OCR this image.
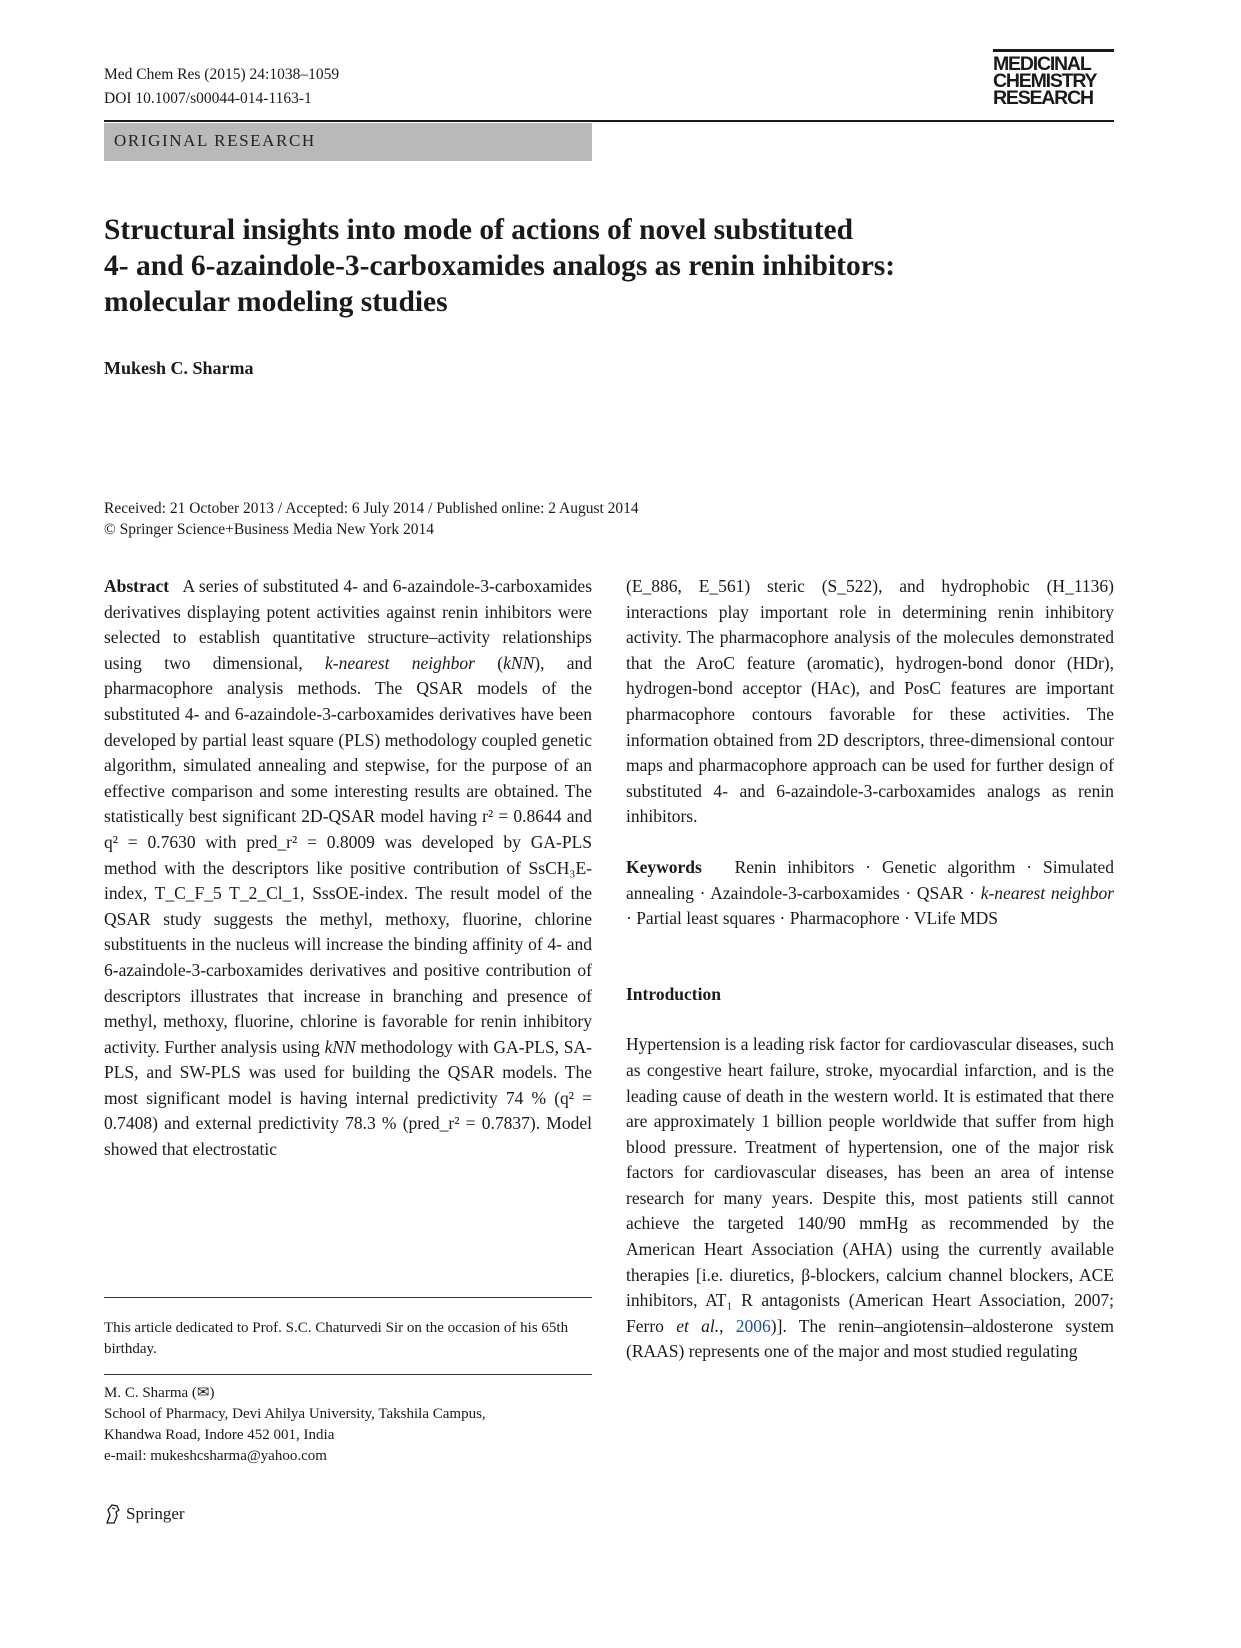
Med Chem Res (2015) 24:1038–1059
DOI 10.1007/s00044-014-1163-1
MEDICINAL
CHEMISTRY
RESEARCH
ORIGINAL RESEARCH
Structural insights into mode of actions of novel substituted
4- and 6-azaindole-3-carboxamides analogs as renin inhibitors:
molecular modeling studies
Mukesh C. Sharma
Received: 21 October 2013 / Accepted: 6 July 2014 / Published online: 2 August 2014
© Springer Science+Business Media New York 2014

Abstract A series of substituted 4- and 6-azaindole-3-carboxamides derivatives displaying potent activities against renin inhibitors were selected to establish quantitative structure–activity relationships using two dimensional, k-nearest neighbor (kNN), and pharmacophore analysis methods. The QSAR models of the substituted 4- and 6-azaindole-3-carboxamides derivatives have been developed by partial least square (PLS) methodology coupled genetic algorithm, simulated annealing and stepwise, for the purpose of an effective comparison and some interesting results are obtained. The statistically best significant 2D-QSAR model having r² = 0.8644 and q² = 0.7630 with pred_r² = 0.8009 was developed by GA-PLS method with the descriptors like positive contribution of SsCH₃E-index, T_C_F_5 T_2_Cl_1, SssOE-index. The result model of the QSAR study suggests the methyl, methoxy, fluorine, chlorine substituents in the nucleus will increase the binding affinity of 4- and 6-azaindole-3-carboxamides derivatives and positive contribution of descriptors illustrates that increase in branching and presence of methyl, methoxy, fluorine, chlorine is favorable for renin inhibitory activity. Further analysis using kNN methodology with GA-PLS, SA-PLS, and SW-PLS was used for building the QSAR models. The most significant model is having internal predictivity 74 % (q² = 0.7408) and external predictivity 78.3 % (pred_r² = 0.7837). Model showed that electrostatic

(E_886, E_561) steric (S_522), and hydrophobic (H_1136) interactions play important role in determining renin inhibitory activity. The pharmacophore analysis of the molecules demonstrated that the AroC feature (aromatic), hydrogen-bond donor (HDr), hydrogen-bond acceptor (HAc), and PosC features are important pharmacophore contours favorable for these activities. The information obtained from 2D descriptors, three-dimensional contour maps and pharmacophore approach can be used for further design of substituted 4- and 6-azaindole-3-carboxamides analogs as renin inhibitors.

Keywords Renin inhibitors · Genetic algorithm · Simulated annealing · Azaindole-3-carboxamides · QSAR · k-nearest neighbor · Partial least squares · Pharmacophore · VLife MDS

Introduction

Hypertension is a leading risk factor for cardiovascular diseases, such as congestive heart failure, stroke, myocardial infarction, and is the leading cause of death in the western world. It is estimated that there are approximately 1 billion people worldwide that suffer from high blood pressure. Treatment of hypertension, one of the major risk factors for cardiovascular diseases, has been an area of intense research for many years. Despite this, most patients still cannot achieve the targeted 140/90 mmHg as recommended by the American Heart Association (AHA) using the currently available therapies [i.e. diuretics, β-blockers, calcium channel blockers, ACE inhibitors, AT₁ R antagonists (American Heart Association, 2007; Ferro et al., 2006)]. The renin–angiotensin–aldosterone system (RAAS) represents one of the major and most studied regulating

This article dedicated to Prof. S.C. Chaturvedi Sir on the occasion of his 65th birthday.
M. C. Sharma (✉)
School of Pharmacy, Devi Ahilya University, Takshila Campus,
Khandwa Road, Indore 452 001, India
e-mail: mukeshcsharma@yahoo.com
Springer
